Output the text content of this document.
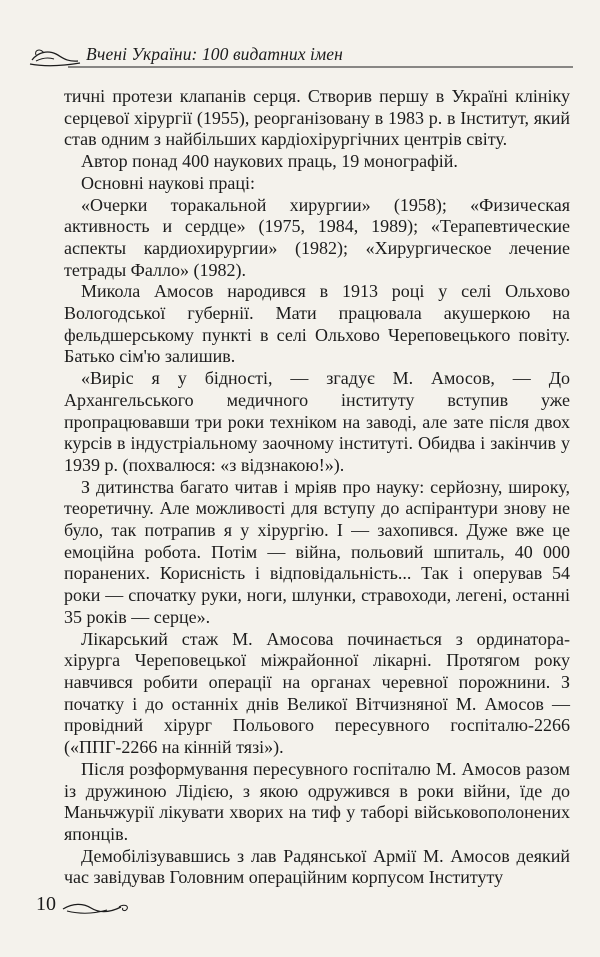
Вчені України: 100 видатних імен

тичні протези клапанів серця. Створив першу в Україні клініку серцевої хірургії (1955), реорганізовану в 1983 р. в Інститут, який став одним з найбільших кардіохірургічних центрів світу.

Автор понад 400 наукових праць, 19 монографій.

Основні наукові праці:

«Очерки торакальной хирургии» (1958); «Физическая активность и сердце» (1975, 1984, 1989); «Терапевтические аспекты кардиохирургии» (1982); «Хирургическое лечение тетрады Фалло» (1982).

Микола Амосов народився в 1913 році у селі Ольхово Вологодської губернії. Мати працювала акушеркою на фельдшерському пункті в селі Ольхово Череповецького повіту. Батько сім'ю залишив.

«Виріс я у бідності, — згадує М. Амосов, — До Архангельського медичного інституту вступив уже пропрацювавши три роки техніком на заводі, але зате після двох курсів в індустріальному заочному інституті. Обидва і закінчив у 1939 р. (похвалюся: «з відзнакою!»).

З дитинства багато читав і мріяв про науку: серйозну, широку, теоретичну. Але можливості для вступу до аспірантури знову не було, так потрапив я у хірургію. І — захопився. Дуже вже це емоційна робота. Потім — війна, польовий шпиталь, 40 000 поранених. Корисність і відповідальність... Так і оперував 54 роки — спочатку руки, ноги, шлунки, стравоходи, легені, останні 35 років — серце».

Лікарський стаж М. Амосова починається з ординатора-хірурга Череповецької міжрайонної лікарні. Протягом року навчився робити операції на органах черевної порожнини. З початку і до останніх днів Великої Вітчизняної М. Амосов — провідний хірург Польового пересувного госпіталю-2266 («ППГ-2266 на кінній тязі»).

Після розформування пересувного госпіталю М. Амосов разом із дружиною Лідією, з якою одружився в роки війни, їде до Маньчжурії лікувати хворих на тиф у таборі військовополонених японців.

Демобілізувавшись з лав Радянської Армії М. Амосов деякий час завідував Головним операційним корпусом Інституту

10
